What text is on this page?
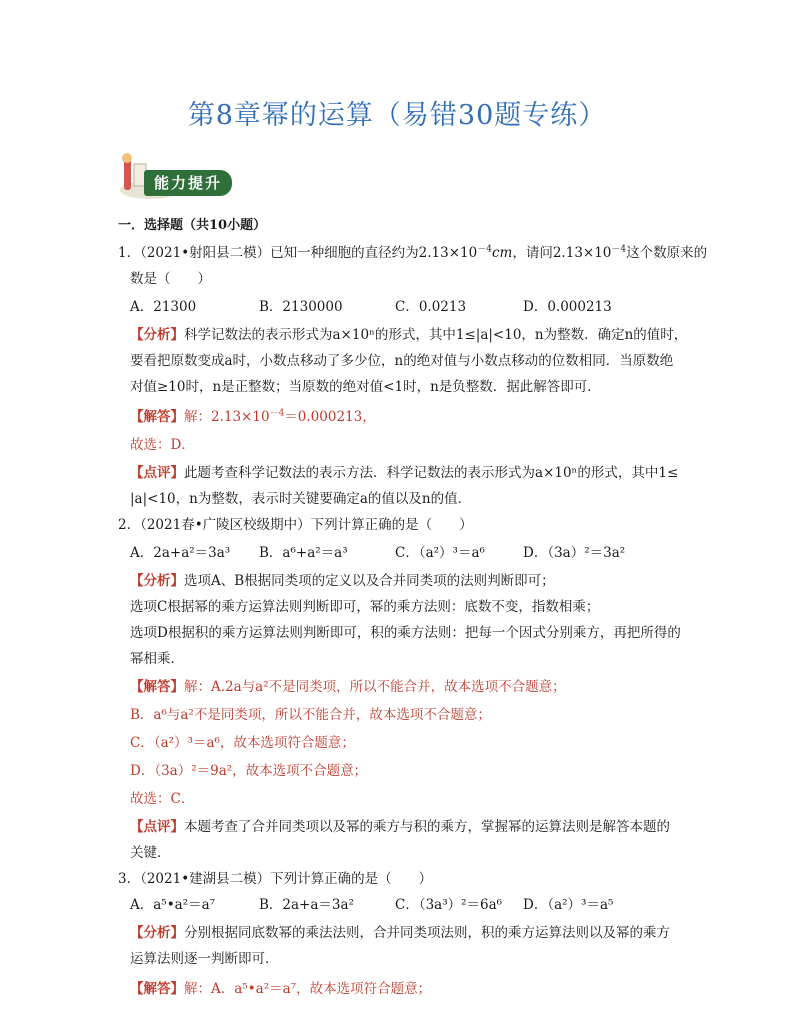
第8章幂的运算（易错30题专练）
能力提升
一．选择题（共10小题）
1．（2021•射阳县二模）已知一种细胞的直径约为$2.13\times 10^{-4}cm$，请问$2.13\times 10^{-4}$这个数原来的
数是（　　）
A．21300	B．2130000	C．0.0213	D．0.000213
【分析】科学记数法的表示形式为a×10ⁿ的形式，其中1≤|a|<10，n为整数．确定n的值时，
要看把原数变成a时，小数点移动了多少位，n的绝对值与小数点移动的位数相同．当原数绝
对值≥10时，n是正整数；当原数的绝对值<1时，n是负整数．据此解答即可．
【解答】解：$2.13\times 10^{-4}=0.000213$，
故选：D．
【点评】此题考查科学记数法的表示方法．科学记数法的表示形式为a×10ⁿ的形式，其中1≤
|a|<10，n为整数，表示时关键要确定a的值以及n的值．
2．（2021春•广陵区校级期中）下列计算正确的是（　　）
A．2a+a²＝3a³ B．a⁶+a²＝a³	C．（a²）³＝a⁶	D．（3a）²＝3a²
【分析】选项A、B根据同类项的定义以及合并同类项的法则判断即可；
选项C根据幂的乘方运算法则判断即可，幂的乘方法则：底数不变，指数相乘；
选项D根据积的乘方运算法则判断即可，积的乘方法则：把每一个因式分别乘方，再把所得的
幂相乘．
【解答】解：A.2a与a²不是同类项，所以不能合并，故本选项不合题意；
B．a⁶与a²不是同类项，所以不能合并，故本选项不合题意；
C．（a²）³＝a⁶，故本选项符合题意；
D．（3a）²＝9a²，故本选项不合题意；
故选：C．
【点评】本题考查了合并同类项以及幂的乘方与积的乘方，掌握幂的运算法则是解答本题的
关键．
3．（2021•建湖县二模）下列计算正确的是（　　）
A．a⁵•a²＝a⁷	B．2a+a＝3a²	C．（3a³）²＝6a⁶ D．（a²）³＝a⁵
【分析】分别根据同底数幂的乘法法则，合并同类项法则，积的乘方运算法则以及幂的乘方
运算法则逐一判断即可．
【解答】解：A．a⁵•a²＝a⁷，故本选项符合题意；
